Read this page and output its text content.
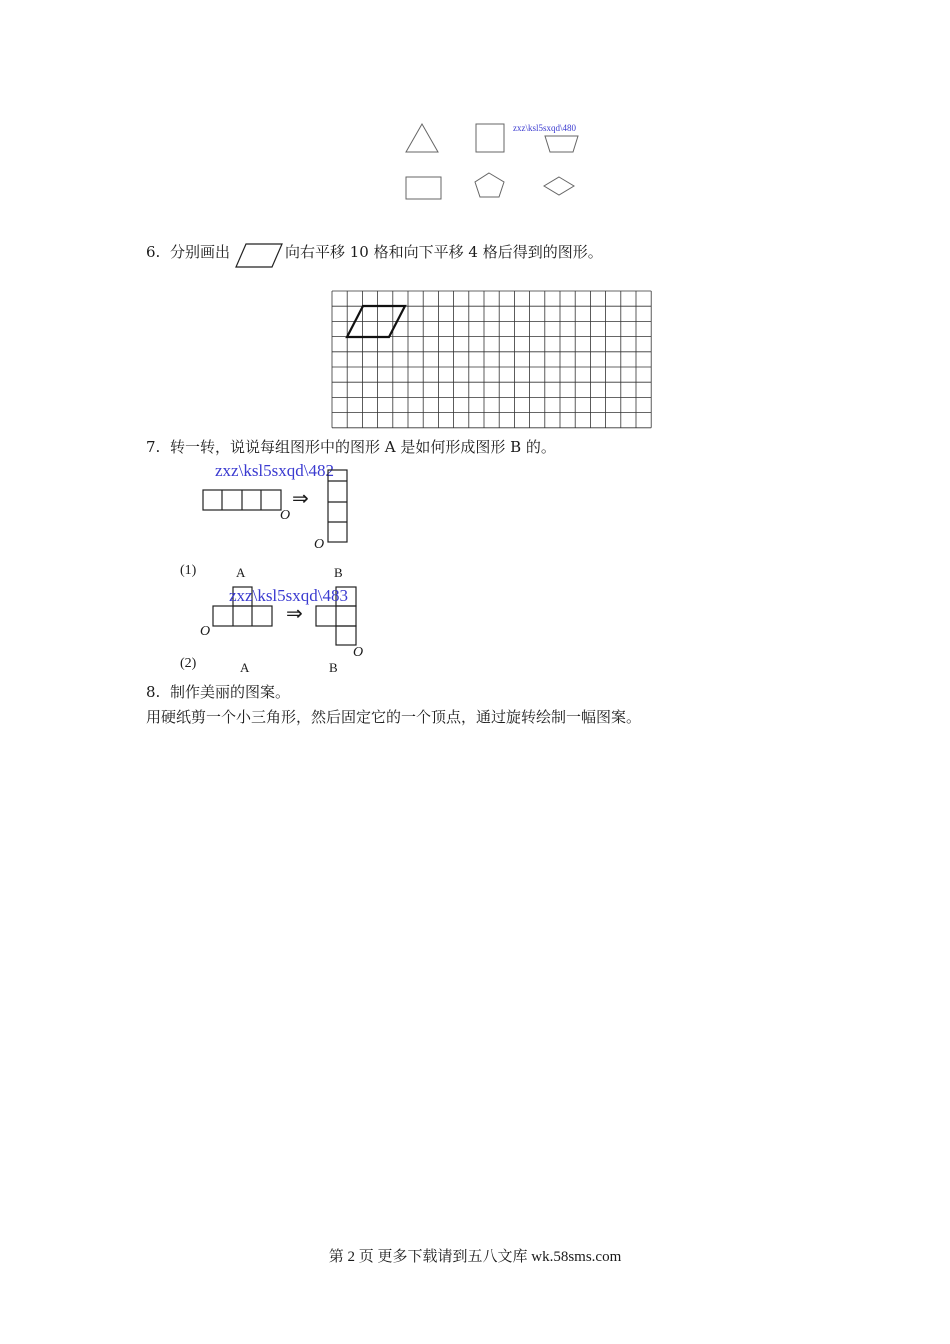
zxz\ksl5sxqd\480
6. 分别画出	向右平移 10 格和向下平移 4 格后得到的图形。
7. 转一转，说说每组图形中的图形 A 是如何形成图形 B 的。
zxz\ksl5sxqd\482
⇒
O
O
(1)	A	B
zxz\ksl5sxqd\483
⇒
O
O
(2)	A	B
8. 制作美丽的图案。
用硬纸剪一个小三角形，然后固定它的一个顶点，通过旋转绘制一幅图案。
第 2 页 更多下载请到五八文库 wk.58sms.com
